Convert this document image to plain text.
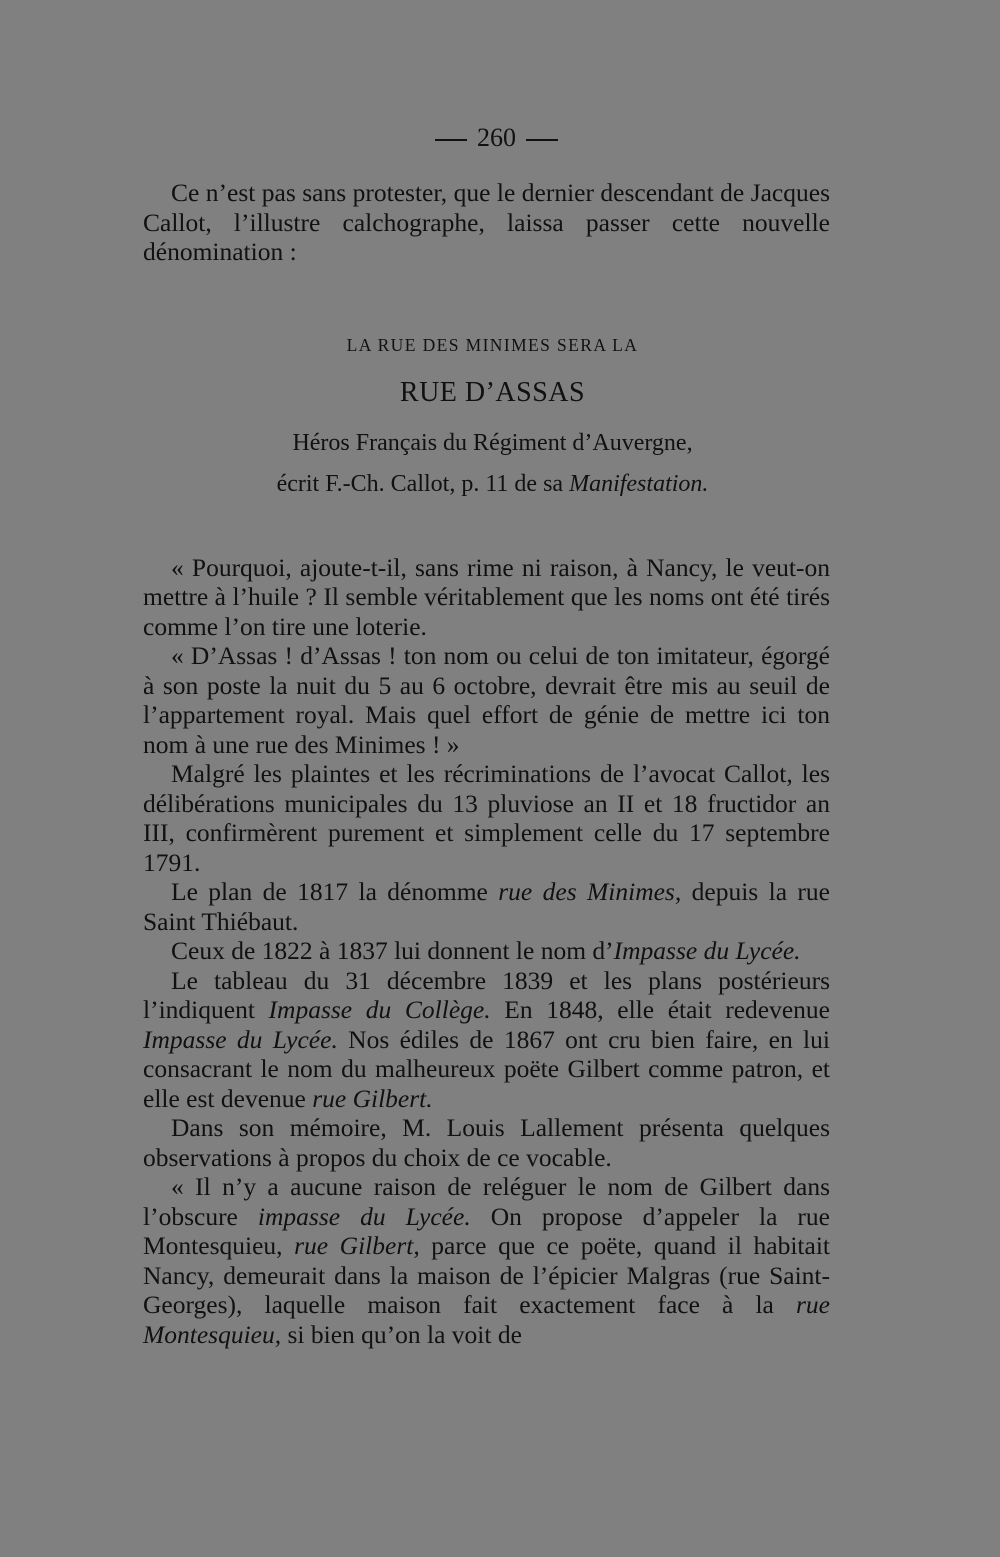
260

Ce n’est pas sans protester, que le dernier descendant de Jacques Callot, l’illustre calchographe, laissa passer cette nouvelle dénomination :

LA RUE DES MINIMES SERA LA
RUE D’ASSAS
Héros Français du Régiment d’Auvergne,
écrit F.-Ch. Callot, p. 11 de sa Manifestation.

« Pourquoi, ajoute-t-il, sans rime ni raison, à Nancy, le veut-on mettre à l’huile ? Il semble véritablement que les noms ont été tirés comme l’on tire une loterie.

« D’Assas ! d’Assas ! ton nom ou celui de ton imitateur, égorgé à son poste la nuit du 5 au 6 octobre, devrait être mis au seuil de l’appartement royal. Mais quel effort de génie de mettre ici ton nom à une rue des Minimes ! »

Malgré les plaintes et les récriminations de l’avocat Callot, les délibérations municipales du 13 pluviose an II et 18 fructidor an III, confirmèrent purement et simplement celle du 17 septembre 1791.

Le plan de 1817 la dénomme rue des Minimes, depuis la rue Saint Thiébaut.

Ceux de 1822 à 1837 lui donnent le nom d’Impasse du Lycée.

Le tableau du 31 décembre 1839 et les plans postérieurs l’indiquent Impasse du Collège. En 1848, elle était redevenue Impasse du Lycée. Nos édiles de 1867 ont cru bien faire, en lui consacrant le nom du malheureux poëte Gilbert comme patron, et elle est devenue rue Gilbert.

Dans son mémoire, M. Louis Lallement présenta quelques observations à propos du choix de ce vocable.

« Il n’y a aucune raison de reléguer le nom de Gilbert dans l’obscure impasse du Lycée. On propose d’appeler la rue Montesquieu, rue Gilbert, parce que ce poëte, quand il habitait Nancy, demeurait dans la maison de l’épicier Malgras (rue Saint-Georges), laquelle maison fait exactement face à la rue Montesquieu, si bien qu’on la voit de
